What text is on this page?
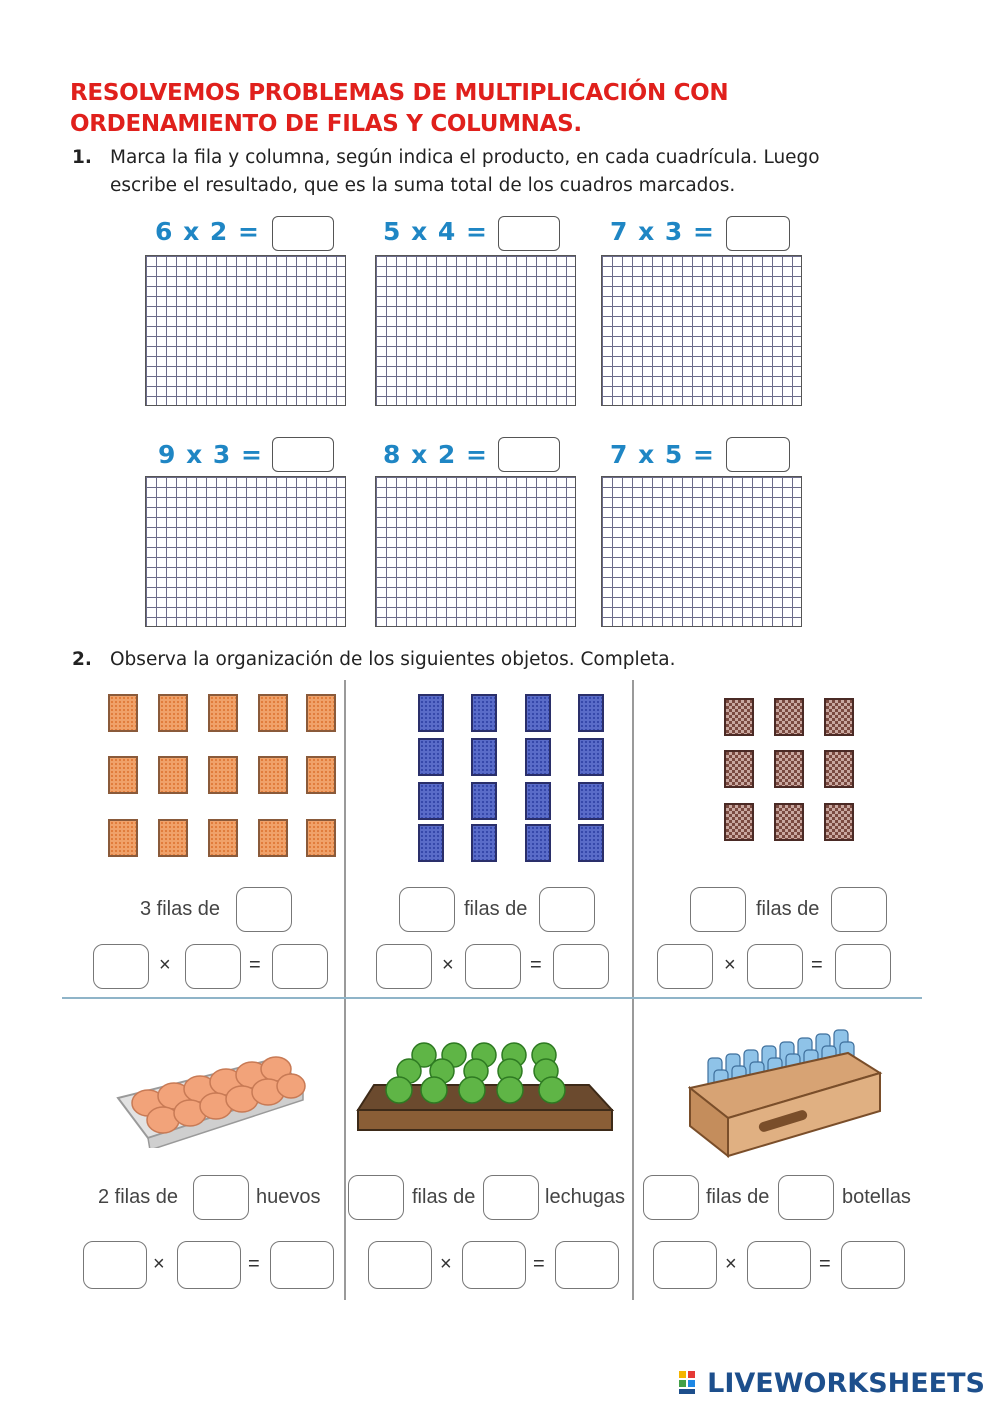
RESOLVEMOS PROBLEMAS DE MULTIPLICACIÓN CON
ORDENAMIENTO DE FILAS Y COLUMNAS.
1. Marca la fila y columna, según indica el producto, en cada cuadrícula. Luego
escribe el resultado, que es la suma total de los cuadros marcados.
6 x 2 =	5 x 4 =	7 x 3 =
9 x 3 =	8 x 2 =	7 x 5 =
2. Observa la organización de los siguientes objetos. Completa.
3 filas de
×	=
filas de
×	=
filas de
×	=
2 filas de	huevos
×	=
filas de	lechugas
×	=
filas de	botellas
×	=
LIVEWORKSHEETS
